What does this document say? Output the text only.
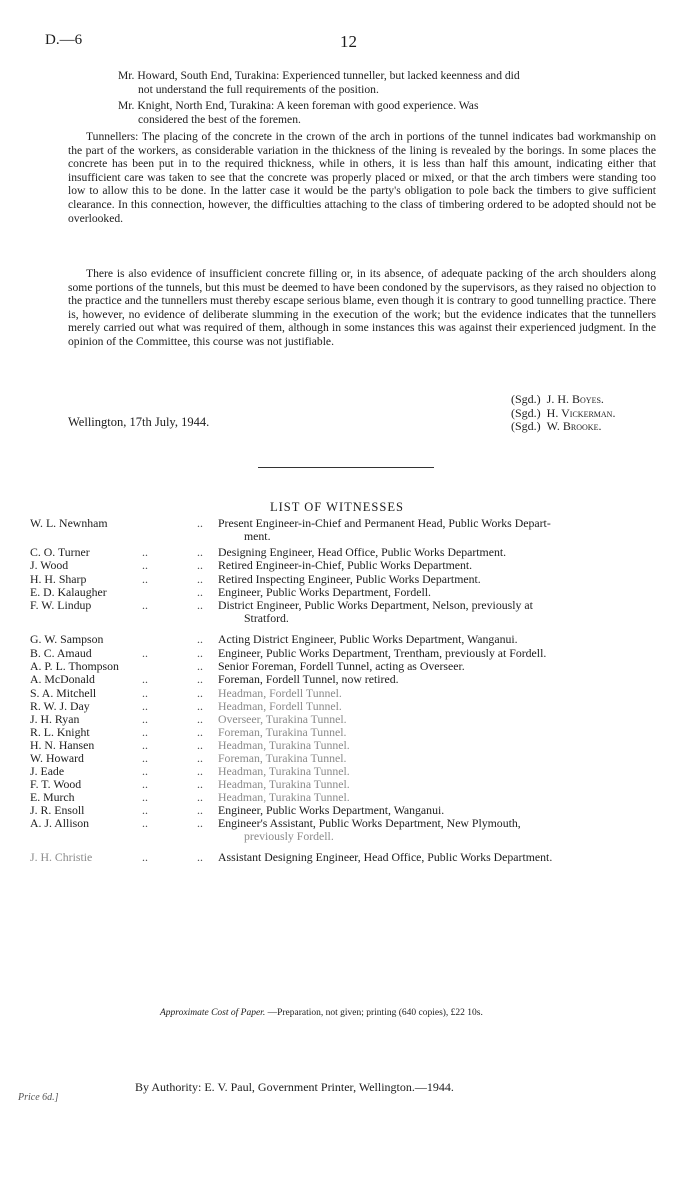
D.—6	12
Mr. Howard, South End, Turakina: Experienced tunneller, but lacked keenness and did
not understand the full requirements of the position.
Mr. Knight, North End, Turakina: A keen foreman with good experience. Was
considered the best of the foremen.
Tunnellers: The placing of the concrete in the crown of the arch in portions of the tunnel indicates bad workmanship on the part of the workers, as considerable variation in the thickness of the lining is revealed by the borings. In some places the concrete has been put in to the required thickness, while in others, it is less than half this amount, indicating either that insufficient care was taken to see that the concrete was properly placed or mixed, or that the arch timbers were standing too low to allow this to be done. In the latter case it would be the party's obligation to pole back the timbers to give sufficient clearance. In this connection, however, the difficulties attaching to the class of timbering ordered to be adopted should not be overlooked.
There is also evidence of insufficient concrete filling or, in its absence, of adequate packing of the arch shoulders along some portions of the tunnels, but this must be deemed to have been condoned by the supervisors, as they raised no objection to the practice and the tunnellers must thereby escape serious blame, even though it is contrary to good tunnelling practice. There is, however, no evidence of deliberate slumming in the execution of the work; but the evidence indicates that the tunnellers merely carried out what was required of them, although in some instances this was against their experienced judgment. In the opinion of the Committee, this course was not justifiable.
(Sgd.) J. H. Boyes.
(Sgd.) H. Vickerman.
(Sgd.) W. Brooke.
Wellington, 17th July, 1944.
LIST OF WITNESSES
W. L. Newnham	.. Present Engineer-in-Chief and Permanent Head, Public Works Depart-
ment.
C. O. Turner	..	.. Designing Engineer, Head Office, Public Works Department.
J. Wood	..	.. Retired Engineer-in-Chief, Public Works Department.
H. H. Sharp	..	.. Retired Inspecting Engineer, Public Works Department.
E. D. Kalaugher	.. Engineer, Public Works Department, Fordell.
F. W. Lindup	..	.. District Engineer, Public Works Department, Nelson, previously at
Stratford.
G. W. Sampson	.. Acting District Engineer, Public Works Department, Wanganui.
B. C. Amaud	..	.. Engineer, Public Works Department, Trentham, previously at Fordell.
A. P. L. Thompson	.. Senior Foreman, Fordell Tunnel, acting as Overseer.
A. McDonald	..	.. Foreman, Fordell Tunnel, now retired.
S. A. Mitchell	..	.. Headman, Fordell Tunnel.
R. W. J. Day	..	.. Headman, Fordell Tunnel.
J. H. Ryan	..	.. Overseer, Turakina Tunnel.
R. L. Knight	..	.. Foreman, Turakina Tunnel.
H. N. Hansen	..	.. Headman, Turakina Tunnel.
W. Howard	..	.. Foreman, Turakina Tunnel.
J. Eade	..	.. Headman, Turakina Tunnel.
F. T. Wood	..	.. Headman, Turakina Tunnel.
E. Murch	..	.. Headman, Turakina Tunnel.
J. R. Ensoll	..	.. Engineer, Public Works Department, Wanganui.
A. J. Allison	..	.. Engineer's Assistant, Public Works Department, New Plymouth,
previously Fordell.
J. H. Christie	..	.. Assistant Designing Engineer, Head Office, Public Works Department.
Approximate Cost of Paper. —Preparation, not given; printing (640 copies), £22 10s.
By Authority: E. V. Paul, Government Printer, Wellington.—1944.
Price 6d.]
